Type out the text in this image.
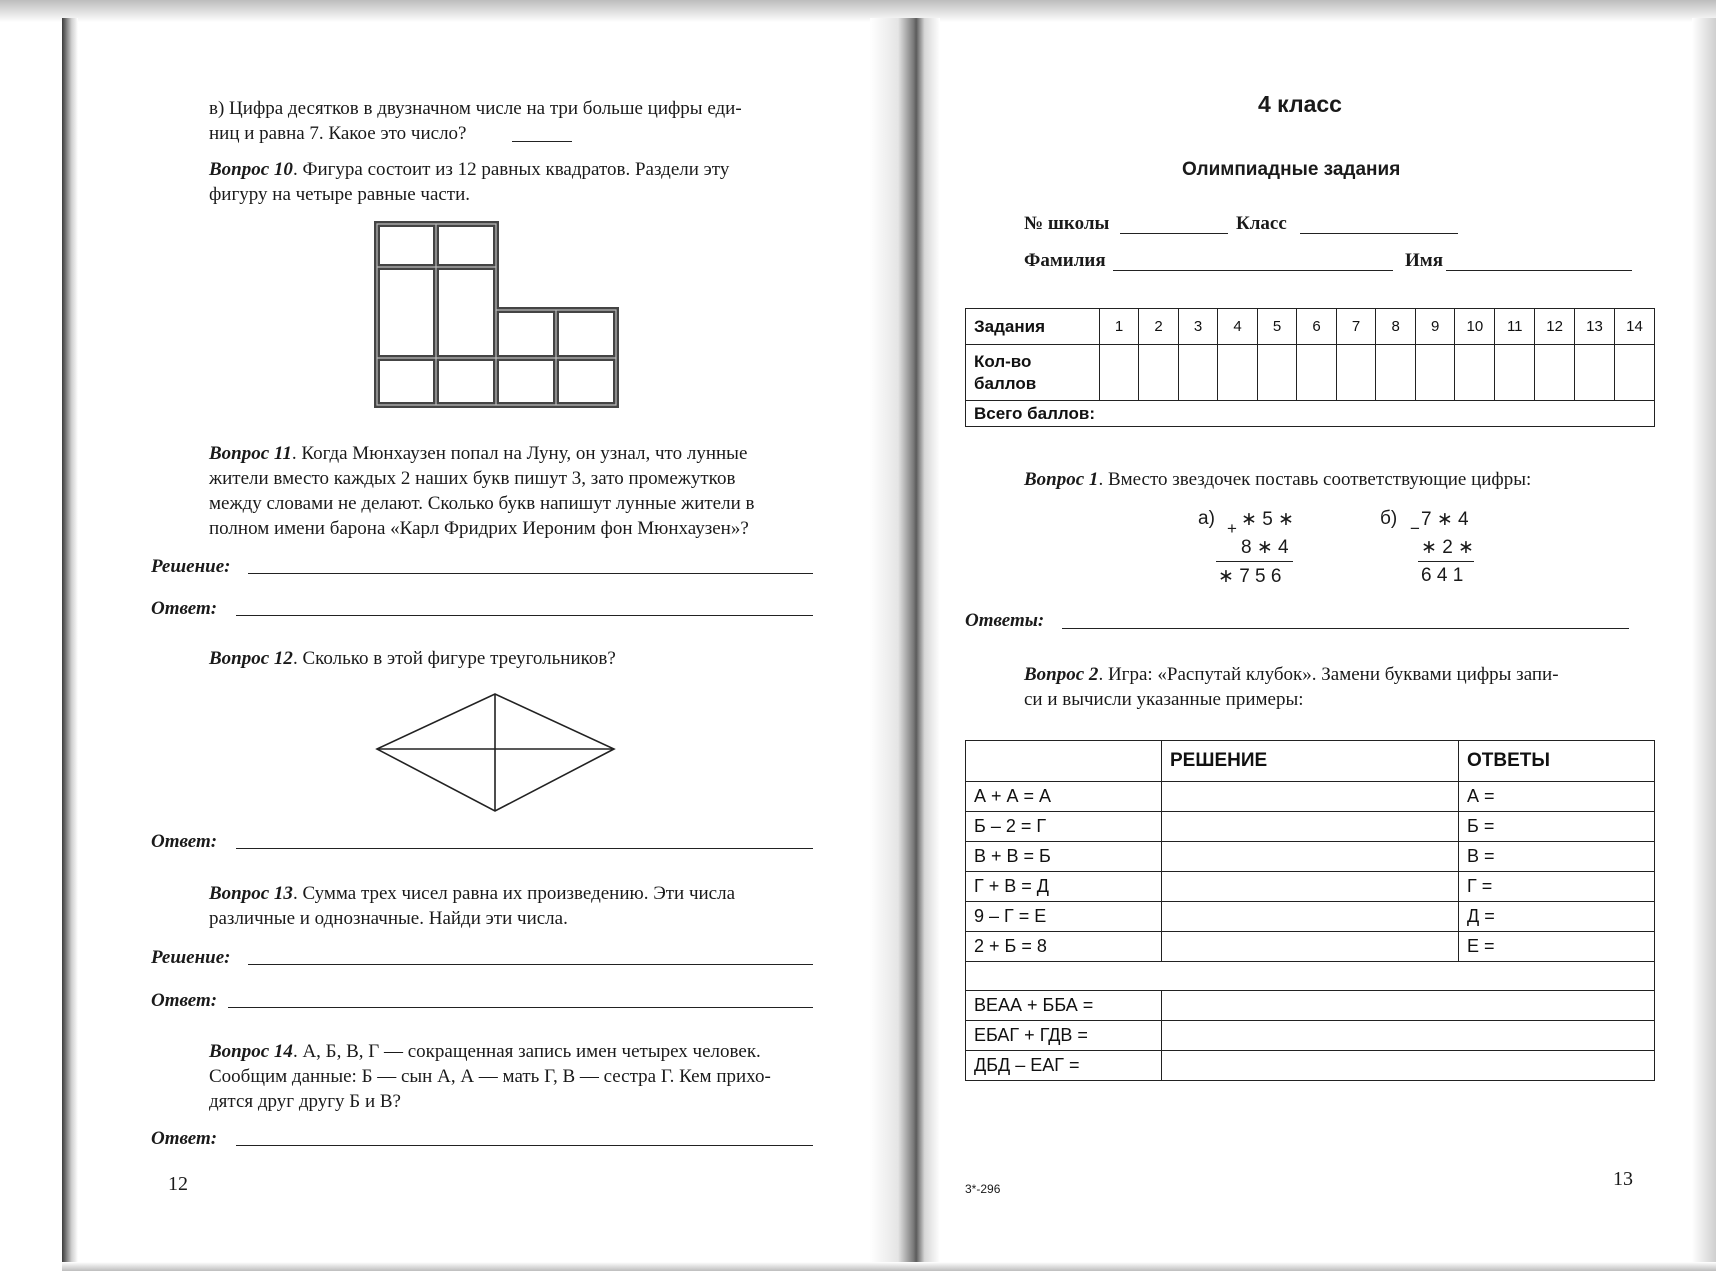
в) Цифра десятков в двузначном числе на три больше цифры еди-
ниц и равна 7. Какое это число?
Вопрос 10. Фигура состоит из 12 равных квадратов. Раздели эту
фигуру на четыре равные части.
Вопрос 11. Когда Мюнхаузен попал на Луну, он узнал, что лунные
жители вместо каждых 2 наших букв пишут 3, зато промежутков
между словами не делают. Сколько букв напишут лунные жители в
полном имени барона «Карл Фридрих Иероним фон Мюнхаузен»?
Решение:
Ответ:
Вопрос 12. Сколько в этой фигуре треугольников?
Ответ:
Вопрос 13. Сумма трех чисел равна их произведению. Эти числа
различные и однозначные. Найди эти числа.
Решение:
Ответ:
Вопрос 14. А, Б, В, Г — сокращенная запись имен четырех человек.
Сообщим данные: Б — сын А, А — мать Г, В — сестра Г. Кем прихо-
дятся друг другу Б и В?
Ответ:
12
4 класс
Олимпиадные задания
№ школы	Класс
Фамилия	Имя
Задания	1	2	3	4	5	6	7	8	9	10	11	12	13	14
Кол-во
баллов														
Всего баллов:														
Вопрос 1. Вместо звездочек поставь соответствующие цифры:
а) + ∗ 5 ∗
8 ∗ 4
∗ 7 5 6
б) − 7 ∗ 4
∗ 2 ∗
6 4 1
Ответы:
Вопрос 2. Игра: «Распутай клубок». Замени буквами цифры запи-
си и вычисли указанные примеры:
	РЕШЕНИЕ	ОТВЕТЫ
А + А = А		А =
Б – 2 = Г		Б =
В + В = Б		В =
Г + В = Д		Г =
9 – Г = Е		Д =
2 + Б = 8		Е =

ВЕАА + ББА =		
ЕБАГ + ГДВ =		
ДБД – ЕАГ =		
3*-296	13
